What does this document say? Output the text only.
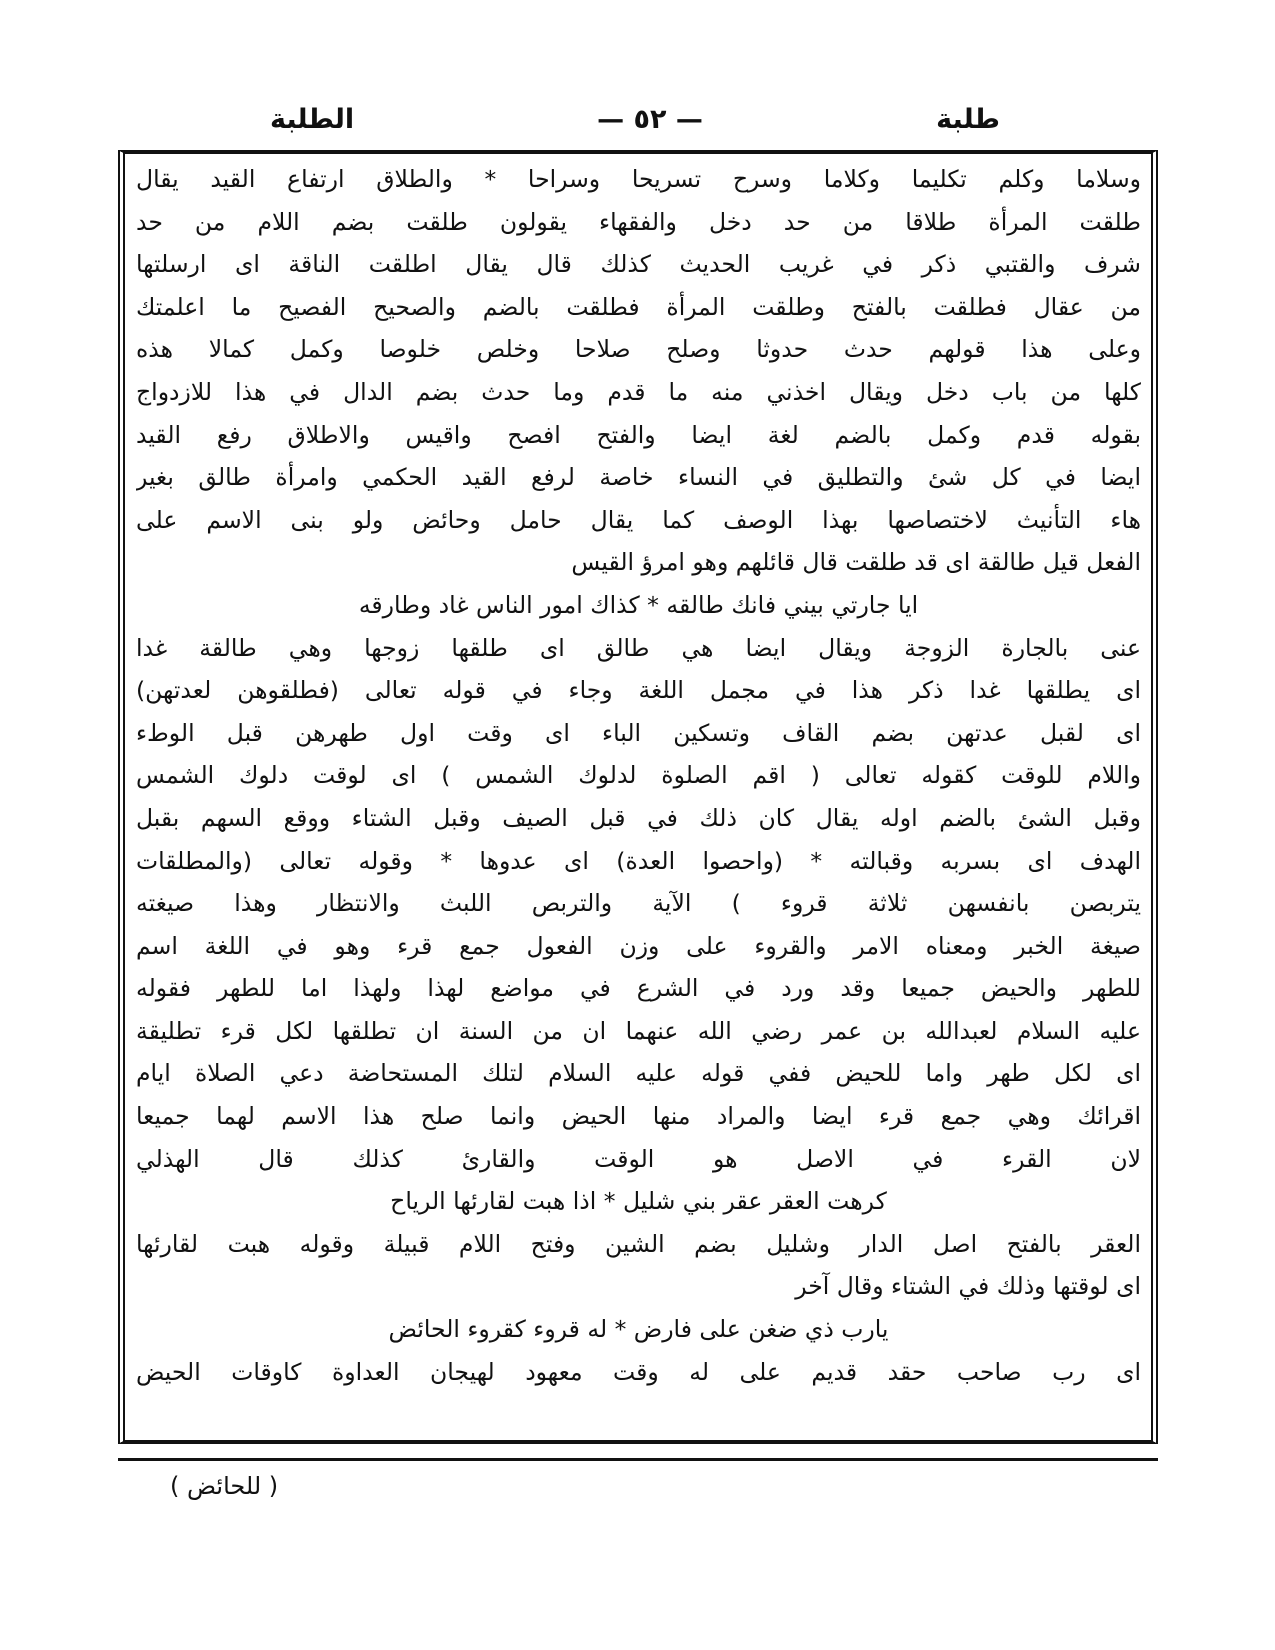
طلبة
— ٥٢ —
الطلبة
وسلاما وكلم تكليما وكلاما وسرح تسريحا وسراحا * والطلاق ارتفاع القيد يقال
طلقت المرأة طلاقا من حد دخل والفقهاء يقولون طلقت بضم اللام من حد
شرف والقتبي ذكر في غريب الحديث كذلك قال يقال اطلقت الناقة اى ارسلتها
من عقال فطلقت بالفتح وطلقت المرأة فطلقت بالضم والصحيح الفصيح ما اعلمتك
وعلى هذا قولهم حدث حدوثا وصلح صلاحا وخلص خلوصا وكمل كمالا هذه
كلها من باب دخل ويقال اخذني منه ما قدم وما حدث بضم الدال في هذا للازدواج
بقوله قدم وكمل بالضم لغة ايضا والفتح افصح واقيس والاطلاق رفع القيد
ايضا في كل شئ والتطليق في النساء خاصة لرفع القيد الحكمي وامرأة طالق بغير
هاء التأنيث لاختصاصها بهذا الوصف كما يقال حامل وحائض ولو بنى الاسم على
الفعل قيل طالقة اى قد طلقت قال قائلهم وهو امرؤ القيس
ايا جارتي بيني فانك طالقه * كذاك امور الناس غاد وطارقه
عنى بالجارة الزوجة ويقال ايضا هي طالق اى طلقها زوجها وهي طالقة غدا
اى يطلقها غدا ذكر هذا في مجمل اللغة وجاء في قوله تعالى (فطلقوهن لعدتهن)
اى لقبل عدتهن بضم القاف وتسكين الباء اى وقت اول طهرهن قبل الوطء
واللام للوقت كقوله تعالى ( اقم الصلوة لدلوك الشمس ) اى لوقت دلوك الشمس
وقبل الشئ بالضم اوله يقال كان ذلك في قبل الصيف وقبل الشتاء ووقع السهم بقبل
الهدف اى بسربه وقبالته * (واحصوا العدة) اى عدوها * وقوله تعالى (والمطلقات
يتربصن بانفسهن ثلاثة قروء ) الآية والتربص اللبث والانتظار وهذا صيغته
صيغة الخبر ومعناه الامر والقروء على وزن الفعول جمع قرء وهو في اللغة اسم
للطهر والحيض جميعا وقد ورد في الشرع في مواضع لهذا ولهذا اما للطهر فقوله
عليه السلام لعبدالله بن عمر رضي الله عنهما ان من السنة ان تطلقها لكل قرء تطليقة
اى لكل طهر واما للحيض ففي قوله عليه السلام لتلك المستحاضة دعي الصلاة ايام
اقرائك وهي جمع قرء ايضا والمراد منها الحيض وانما صلح هذا الاسم لهما جميعا
لان القرء في الاصل هو الوقت والقارئ كذلك قال الهذلي
كرهت العقر عقر بني شليل * اذا هبت لقارئها الرياح
العقر بالفتح اصل الدار وشليل بضم الشين وفتح اللام قبيلة وقوله هبت لقارئها
اى لوقتها وذلك في الشتاء وقال آخر
يارب ذي ضغن على فارض * له قروء كقروء الحائض
اى رب صاحب حقد قديم على له وقت معهود لهيجان العداوة كاوقات الحيض
( للحائض )
